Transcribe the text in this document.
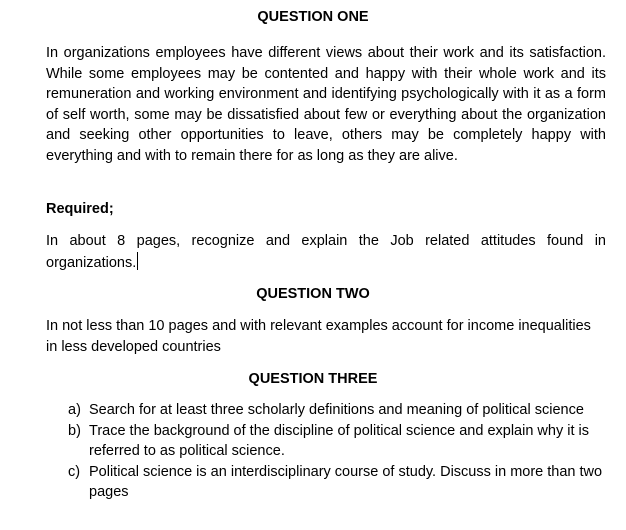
QUESTION ONE
In organizations employees have different views about their work and its satisfaction. While some employees may be contented and happy with their whole work and its remuneration and working environment and identifying psychologically with it as a form of self worth, some may be dissatisfied about few or everything about the organization and seeking other opportunities to leave, others may be completely happy with everything and with to remain there for as long as they are alive.
Required;
In about 8 pages, recognize and explain the Job related attitudes found in organizations.
QUESTION TWO
In not less than 10 pages and with relevant examples account for income inequalities in less developed countries
QUESTION THREE
a) Search for at least three scholarly definitions and meaning of political science
b) Trace the background of the discipline of political science and explain why it is referred to as political science.
c) Political science is an interdisciplinary course of study. Discuss in more than two pages
